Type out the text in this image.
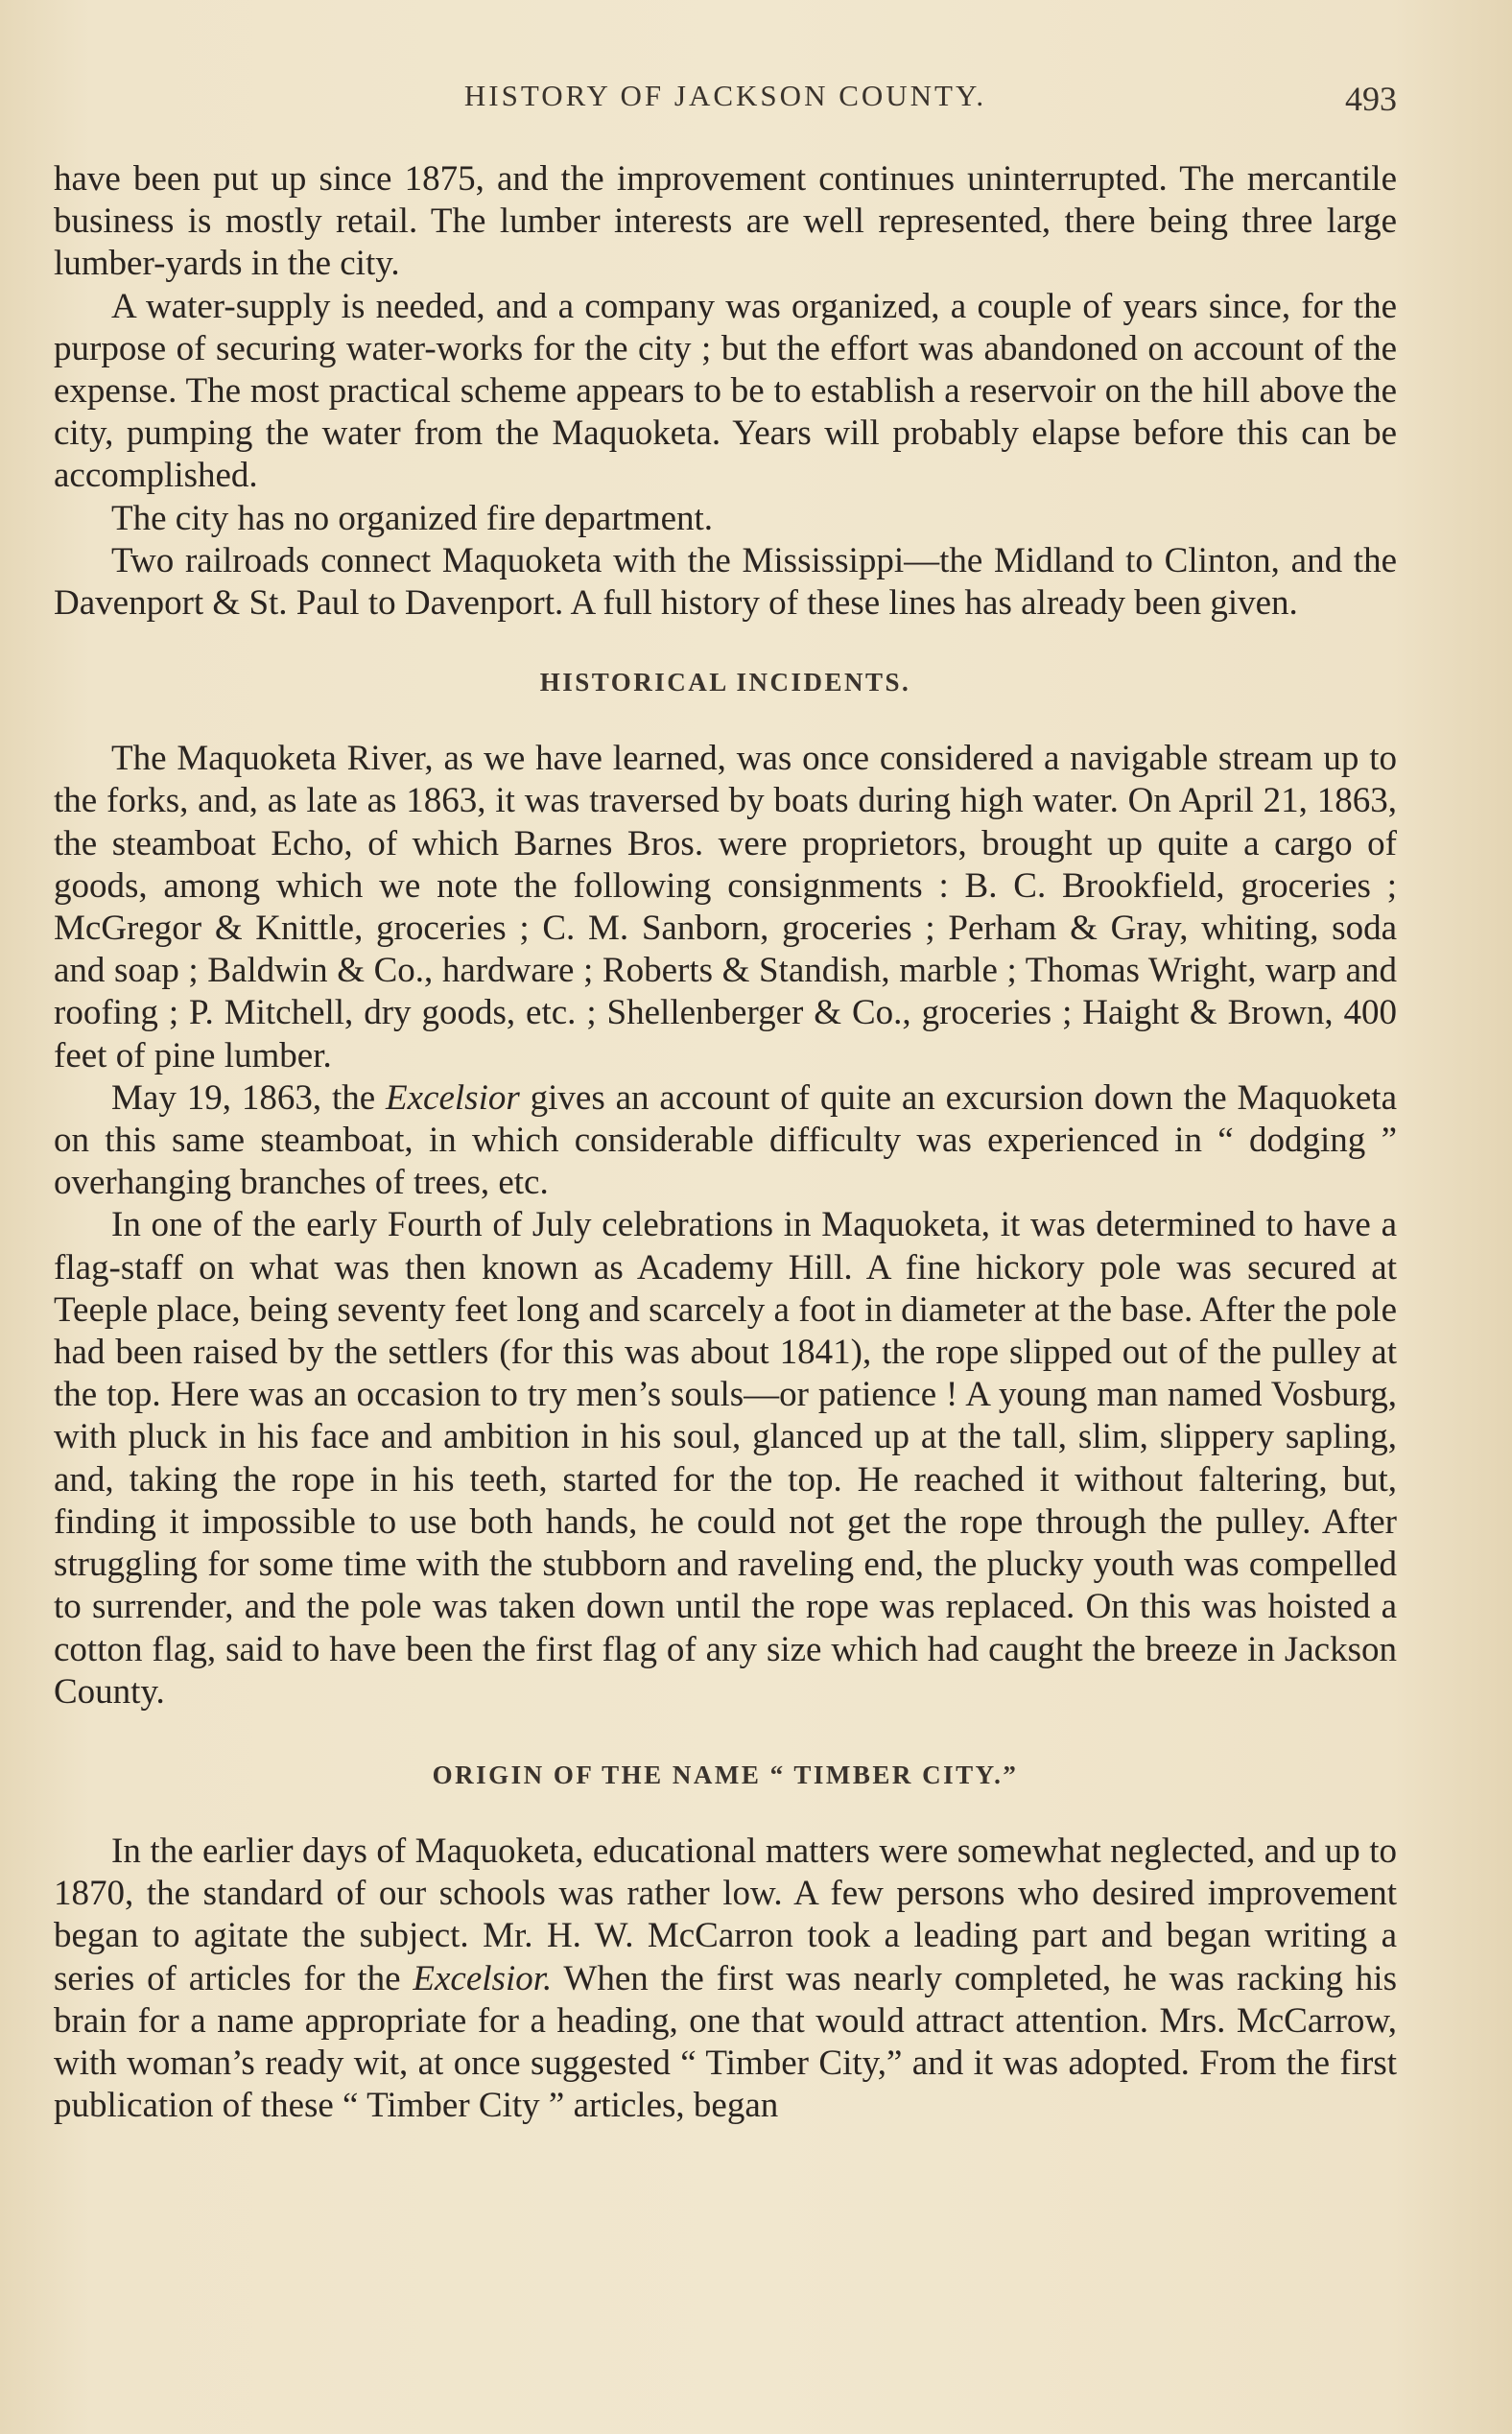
HISTORY OF JACKSON COUNTY.	493

have been put up since 1875, and the improvement continues uninterrupted. The mercantile business is mostly retail. The lumber interests are well represented, there being three large lumber-yards in the city.

A water-supply is needed, and a company was organized, a couple of years since, for the purpose of securing water-works for the city ; but the effort was abandoned on account of the expense. The most practical scheme appears to be to establish a reservoir on the hill above the city, pumping the water from the Maquoketa. Years will probably elapse before this can be accomplished.

The city has no organized fire department.

Two railroads connect Maquoketa with the Mississippi—the Midland to Clinton, and the Davenport & St. Paul to Davenport. A full history of these lines has already been given.

HISTORICAL INCIDENTS.

The Maquoketa River, as we have learned, was once considered a navigable stream up to the forks, and, as late as 1863, it was traversed by boats during high water. On April 21, 1863, the steamboat Echo, of which Barnes Bros. were proprietors, brought up quite a cargo of goods, among which we note the following consignments : B. C. Brookfield, groceries ; McGregor & Knittle, groceries ; C. M. Sanborn, groceries ; Perham & Gray, whiting, soda and soap ; Baldwin & Co., hardware ; Roberts & Standish, marble ; Thomas Wright, warp and roofing ; P. Mitchell, dry goods, etc. ; Shellenberger & Co., groceries ; Haight & Brown, 400 feet of pine lumber.

May 19, 1863, the Excelsior gives an account of quite an excursion down the Maquoketa on this same steamboat, in which considerable difficulty was experienced in “ dodging ” overhanging branches of trees, etc.

In one of the early Fourth of July celebrations in Maquoketa, it was determined to have a flag-staff on what was then known as Academy Hill. A fine hickory pole was secured at Teeple place, being seventy feet long and scarcely a foot in diameter at the base. After the pole had been raised by the settlers (for this was about 1841), the rope slipped out of the pulley at the top. Here was an occasion to try men’s souls—or patience ! A young man named Vosburg, with pluck in his face and ambition in his soul, glanced up at the tall, slim, slippery sapling, and, taking the rope in his teeth, started for the top. He reached it without faltering, but, finding it impossible to use both hands, he could not get the rope through the pulley. After struggling for some time with the stubborn and raveling end, the plucky youth was compelled to surrender, and the pole was taken down until the rope was replaced. On this was hoisted a cotton flag, said to have been the first flag of any size which had caught the breeze in Jackson County.

ORIGIN OF THE NAME “ TIMBER CITY.”

In the earlier days of Maquoketa, educational matters were somewhat neglected, and up to 1870, the standard of our schools was rather low. A few persons who desired improvement began to agitate the subject. Mr. H. W. McCarron took a leading part and began writing a series of articles for the Excelsior. When the first was nearly completed, he was racking his brain for a name appropriate for a heading, one that would attract attention. Mrs. McCarrow, with woman’s ready wit, at once suggested “ Timber City,” and it was adopted. From the first publication of these “ Timber City ” articles, began
